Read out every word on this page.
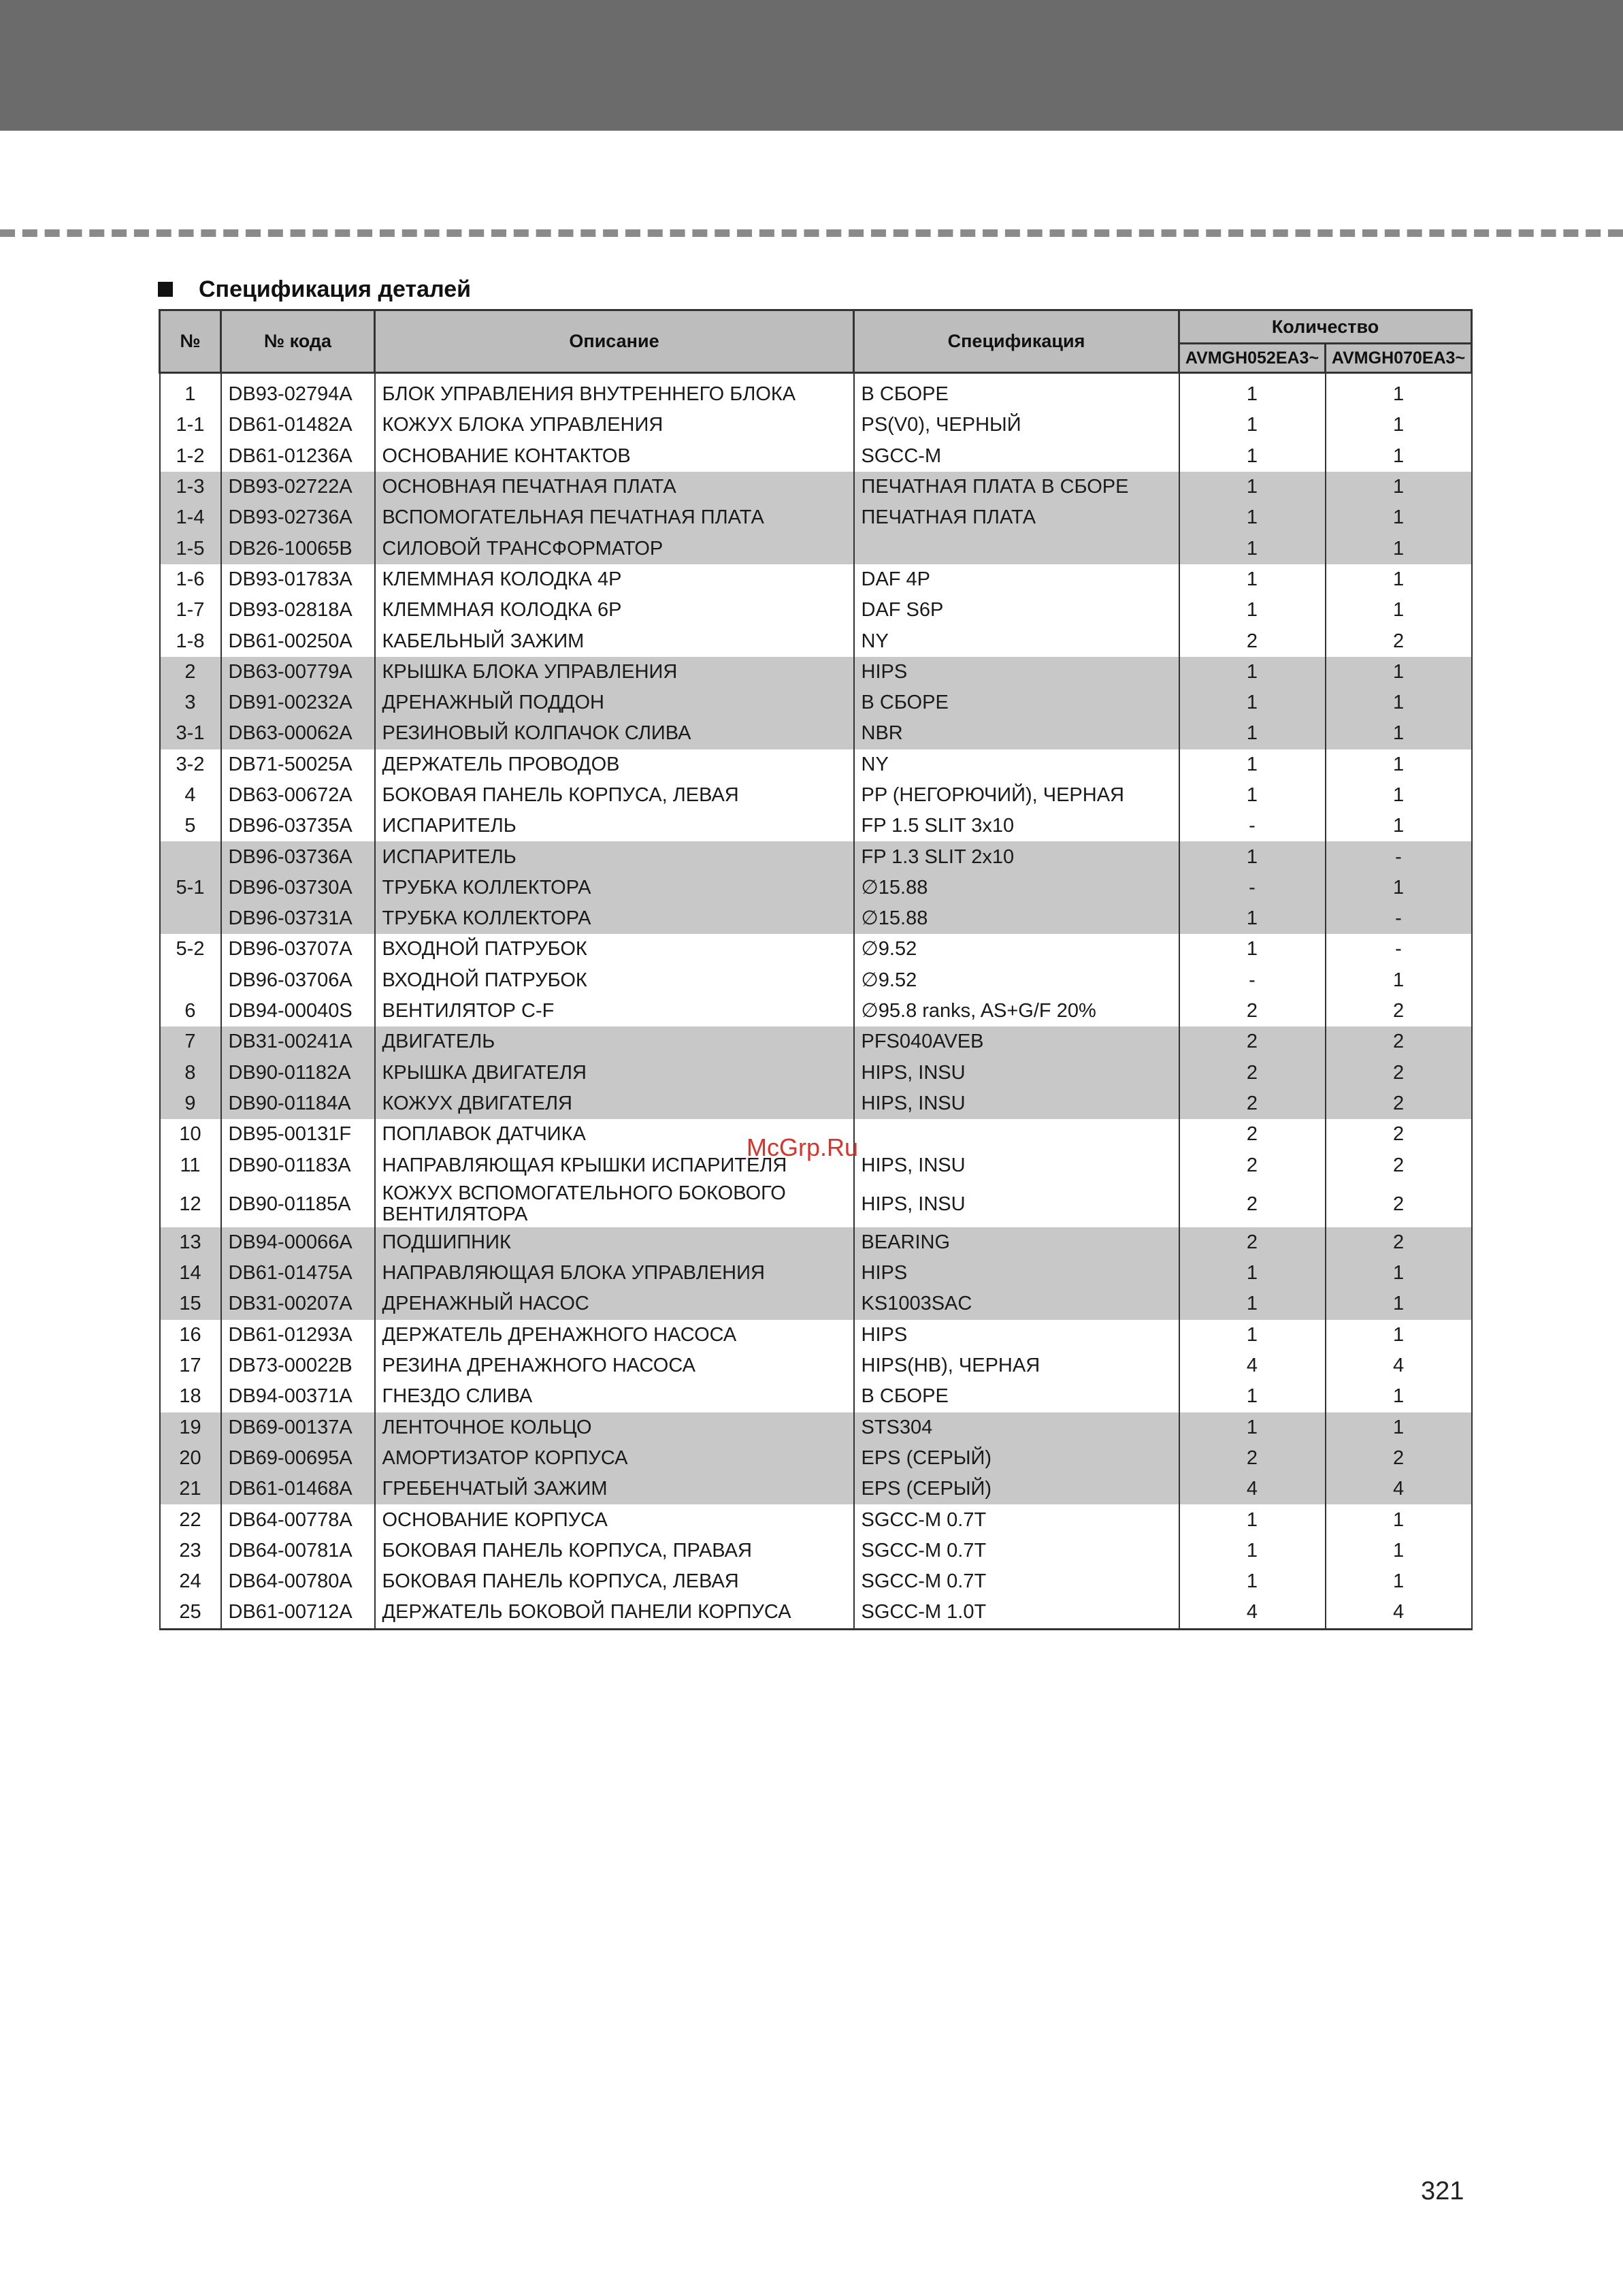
Спецификация деталей
№	№ кода	Описание	Спецификация	Количество	
				AVMGH052EA3~	AVMGH070EA3~
1	DB93-02794A	БЛОК УПРАВЛЕНИЯ ВНУТРЕННЕГО БЛОКА	В СБОРЕ	1	1
1-1	DB61-01482A	КОЖУХ БЛОКА УПРАВЛЕНИЯ	PS(V0), ЧЕРНЫЙ	1	1
1-2	DB61-01236A	ОСНОВАНИЕ КОНТАКТОВ	SGCC-M	1	1
1-3	DB93-02722A	ОСНОВНАЯ ПЕЧАТНАЯ ПЛАТА	ПЕЧАТНАЯ ПЛАТА В СБОРЕ	1	1
1-4	DB93-02736A	ВСПОМОГАТЕЛЬНАЯ ПЕЧАТНАЯ ПЛАТА	ПЕЧАТНАЯ ПЛАТА	1	1
1-5	DB26-10065B	СИЛОВОЙ ТРАНСФОРМАТОР		1	1
1-6	DB93-01783A	КЛЕММНАЯ КОЛОДКА 4P	DAF 4P	1	1
1-7	DB93-02818A	КЛЕММНАЯ КОЛОДКА 6P	DAF S6P	1	1
1-8	DB61-00250A	КАБЕЛЬНЫЙ ЗАЖИМ	NY	2	2
2	DB63-00779A	КРЫШКА БЛОКА УПРАВЛЕНИЯ	HIPS	1	1
3	DB91-00232A	ДРЕНАЖНЫЙ ПОДДОН	В СБОРЕ	1	1
3-1	DB63-00062A	РЕЗИНОВЫЙ КОЛПАЧОК СЛИВА	NBR	1	1
3-2	DB71-50025A	ДЕРЖАТЕЛЬ ПРОВОДОВ	NY	1	1
4	DB63-00672A	БОКОВАЯ ПАНЕЛЬ КОРПУСА, ЛЕВАЯ	PP (НЕГОРЮЧИЙ), ЧЕРНАЯ	1	1
5	DB96-03735A	ИСПАРИТЕЛЬ	FP 1.5 SLIT 3x10	-	1
	DB96-03736A	ИСПАРИТЕЛЬ	FP 1.3 SLIT 2x10	1	-
5-1	DB96-03730A	ТРУБКА КОЛЛЕКТОРА	∅15.88	-	1
	DB96-03731A	ТРУБКА КОЛЛЕКТОРА	∅15.88	1	-
5-2	DB96-03707A	ВХОДНОЙ ПАТРУБОК	∅9.52	1	-
	DB96-03706A	ВХОДНОЙ ПАТРУБОК	∅9.52	-	1
6	DB94-00040S	ВЕНТИЛЯТОР C-F	∅95.8 ranks, AS+G/F 20%	2	2
7	DB31-00241A	ДВИГАТЕЛЬ	PFS040AVEB	2	2
8	DB90-01182A	КРЫШКА ДВИГАТЕЛЯ	HIPS, INSU	2	2
9	DB90-01184A	КОЖУХ ДВИГАТЕЛЯ	HIPS, INSU	2	2
10	DB95-00131F	ПОПЛАВОК ДАТЧИКА		2	2
11	DB90-01183A	НАПРАВЛЯЮЩАЯ КРЫШКИ ИСПАРИТЕЛЯ	HIPS, INSU	2	2
12	DB90-01185A	КОЖУХ ВСПОМОГАТЕЛЬНОГО БОКОВОГО ВЕНТИЛЯТОРА	HIPS, INSU	2	2
13	DB94-00066A	ПОДШИПНИК	BEARING	2	2
14	DB61-01475A	НАПРАВЛЯЮЩАЯ БЛОКА УПРАВЛЕНИЯ	HIPS	1	1
15	DB31-00207A	ДРЕНАЖНЫЙ НАСОС	KS1003SAC	1	1
16	DB61-01293A	ДЕРЖАТЕЛЬ ДРЕНАЖНОГО НАСОСА	HIPS	1	1
17	DB73-00022B	РЕЗИНА ДРЕНАЖНОГО НАСОСА	HIPS(HB), ЧЕРНАЯ	4	4
18	DB94-00371A	ГНЕЗДО СЛИВА	В СБОРЕ	1	1
19	DB69-00137A	ЛЕНТОЧНОЕ КОЛЬЦО	STS304	1	1
20	DB69-00695A	АМОРТИЗАТОР КОРПУСА	EPS (СЕРЫЙ)	2	2
21	DB61-01468A	ГРЕБЕНЧАТЫЙ ЗАЖИМ	EPS (СЕРЫЙ)	4	4
22	DB64-00778A	ОСНОВАНИЕ КОРПУСА	SGCC-M 0.7T	1	1
23	DB64-00781A	БОКОВАЯ ПАНЕЛЬ КОРПУСА, ПРАВАЯ	SGCC-M 0.7T	1	1
24	DB64-00780A	БОКОВАЯ ПАНЕЛЬ КОРПУСА, ЛЕВАЯ	SGCC-M 0.7T	1	1
25	DB61-00712A	ДЕРЖАТЕЛЬ БОКОВОЙ ПАНЕЛИ КОРПУСА	SGCC-M 1.0T	4	4
McGrp.Ru
321
